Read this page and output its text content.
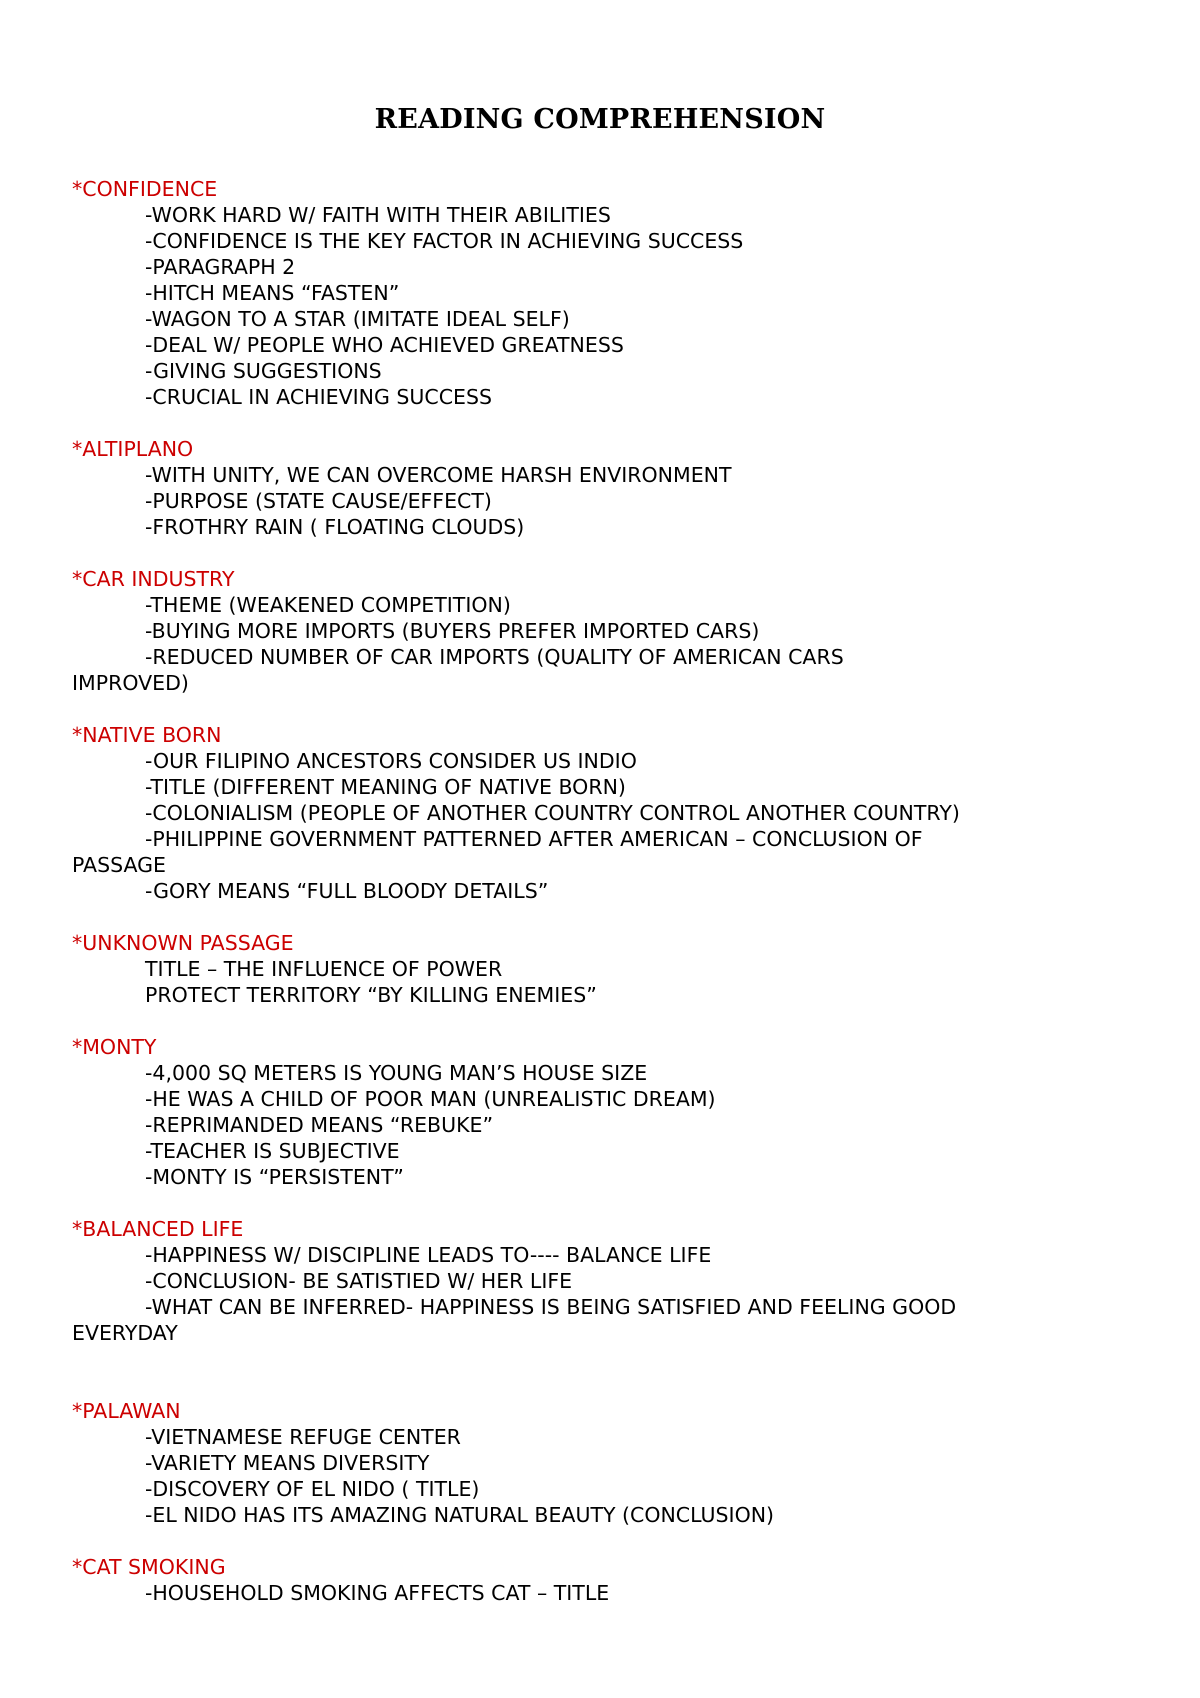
READING COMPREHENSION
*CONFIDENCE
-WORK HARD W/ FAITH WITH THEIR ABILITIES
-CONFIDENCE IS THE KEY FACTOR IN ACHIEVING SUCCESS
-PARAGRAPH 2
-HITCH MEANS “FASTEN”
-WAGON TO A STAR (IMITATE IDEAL SELF)
-DEAL W/ PEOPLE WHO ACHIEVED GREATNESS
-GIVING SUGGESTIONS
-CRUCIAL IN ACHIEVING SUCCESS
*ALTIPLANO
-WITH UNITY, WE CAN OVERCOME HARSH ENVIRONMENT
-PURPOSE (STATE CAUSE/EFFECT)
-FROTHRY RAIN ( FLOATING CLOUDS)
*CAR INDUSTRY
-THEME (WEAKENED COMPETITION)
-BUYING MORE IMPORTS (BUYERS PREFER IMPORTED CARS)
-REDUCED NUMBER OF CAR IMPORTS (QUALITY OF AMERICAN CARS
IMPROVED)
*NATIVE BORN
-OUR FILIPINO ANCESTORS CONSIDER US INDIO
-TITLE (DIFFERENT MEANING OF NATIVE BORN)
-COLONIALISM (PEOPLE OF ANOTHER COUNTRY CONTROL ANOTHER COUNTRY)
-PHILIPPINE GOVERNMENT PATTERNED AFTER AMERICAN – CONCLUSION OF
PASSAGE
-GORY MEANS “FULL BLOODY DETAILS”
*UNKNOWN PASSAGE
TITLE – THE INFLUENCE OF POWER
PROTECT TERRITORY “BY KILLING ENEMIES”
*MONTY
-4,000 SQ METERS IS YOUNG MAN’S HOUSE SIZE
-HE WAS A CHILD OF POOR MAN (UNREALISTIC DREAM)
-REPRIMANDED MEANS “REBUKE”
-TEACHER IS SUBJECTIVE
-MONTY IS “PERSISTENT”
*BALANCED LIFE
-HAPPINESS W/ DISCIPLINE LEADS TO---- BALANCE LIFE
-CONCLUSION- BE SATISTIED W/ HER LIFE
-WHAT CAN BE INFERRED- HAPPINESS IS BEING SATISFIED AND FEELING GOOD
EVERYDAY
*PALAWAN
-VIETNAMESE REFUGE CENTER
-VARIETY MEANS DIVERSITY
-DISCOVERY OF EL NIDO ( TITLE)
-EL NIDO HAS ITS AMAZING NATURAL BEAUTY (CONCLUSION)
*CAT SMOKING
-HOUSEHOLD SMOKING AFFECTS CAT – TITLE
